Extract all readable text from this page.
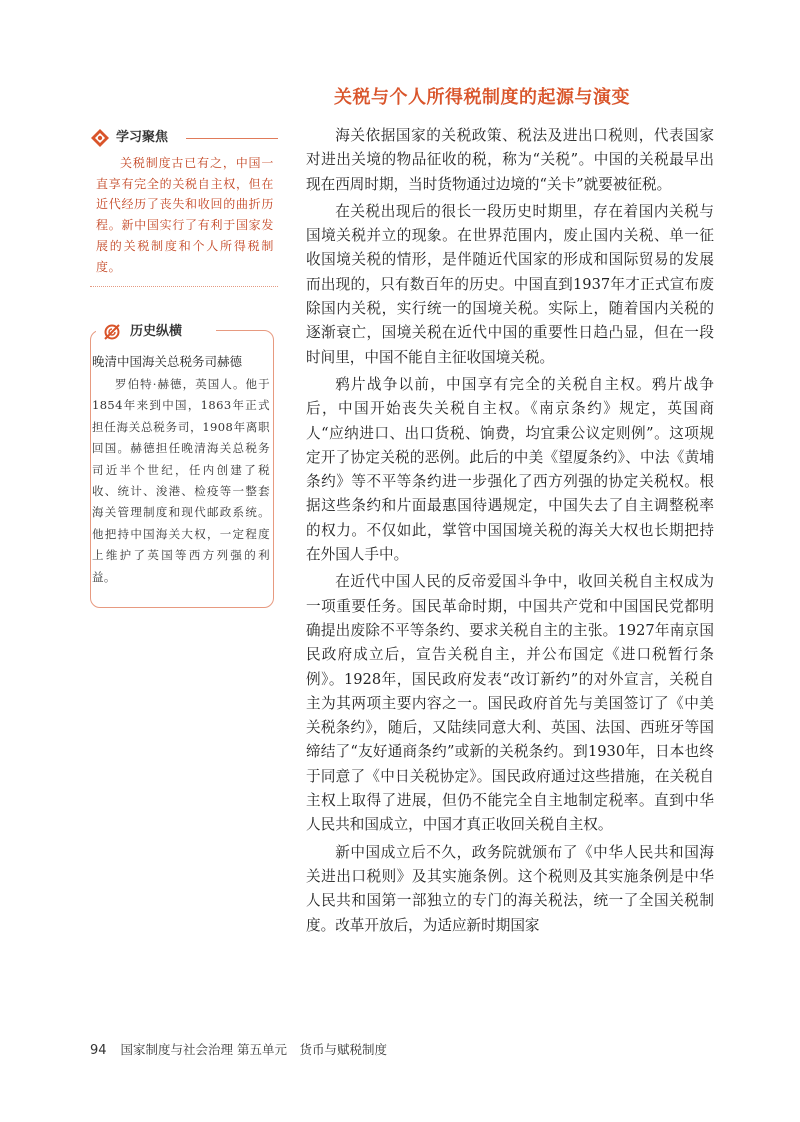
关税与个人所得税制度的起源与演变
学习聚焦
关税制度古已有之，中国一直享有完全的关税自主权，但在近代经历了丧失和收回的曲折历程。新中国实行了有利于国家发展的关税制度和个人所得税制度。
历史纵横
晚清中国海关总税务司赫德
罗伯特·赫德，英国人。他于1854年来到中国，1863年正式担任海关总税务司，1908年离职回国。赫德担任晚清海关总税务司近半个世纪，任内创建了税收、统计、浚港、检疫等一整套海关管理制度和现代邮政系统。他把持中国海关大权，一定程度上维护了英国等西方列强的利益。

海关依据国家的关税政策、税法及进出口税则，代表国家对进出关境的物品征收的税，称为“关税”。中国的关税最早出现在西周时期，当时货物通过边境的“关卡”就要被征税。

在关税出现后的很长一段历史时期里，存在着国内关税与国境关税并立的现象。在世界范围内，废止国内关税、单一征收国境关税的情形，是伴随近代国家的形成和国际贸易的发展而出现的，只有数百年的历史。中国直到1937年才正式宣布废除国内关税，实行统一的国境关税。实际上，随着国内关税的逐渐衰亡，国境关税在近代中国的重要性日趋凸显，但在一段时间里，中国不能自主征收国境关税。

鸦片战争以前，中国享有完全的关税自主权。鸦片战争后，中国开始丧失关税自主权。《南京条约》规定，英国商人“应纳进口、出口货税、饷费，均宜秉公议定则例”。这项规定开了协定关税的恶例。此后的中美《望厦条约》、中法《黄埔条约》等不平等条约进一步强化了西方列强的协定关税权。根据这些条约和片面最惠国待遇规定，中国失去了自主调整税率的权力。不仅如此，掌管中国国境关税的海关大权也长期把持在外国人手中。

在近代中国人民的反帝爱国斗争中，收回关税自主权成为一项重要任务。国民革命时期，中国共产党和中国国民党都明确提出废除不平等条约、要求关税自主的主张。1927年南京国民政府成立后，宣告关税自主，并公布国定《进口税暂行条例》。1928年，国民政府发表“改订新约”的对外宣言，关税自主为其两项主要内容之一。国民政府首先与美国签订了《中美关税条约》，随后，又陆续同意大利、英国、法国、西班牙等国缔结了“友好通商条约”或新的关税条约。到1930年，日本也终于同意了《中日关税协定》。国民政府通过这些措施，在关税自主权上取得了进展，但仍不能完全自主地制定税率。直到中华人民共和国成立，中国才真正收回关税自主权。

新中国成立后不久，政务院就颁布了《中华人民共和国海关进出口税则》及其实施条例。这个税则及其实施条例是中华人民共和国第一部独立的专门的海关税法，统一了全国关税制度。改革开放后，为适应新时期国家

94 国家制度与社会治理 第五单元　货币与赋税制度
